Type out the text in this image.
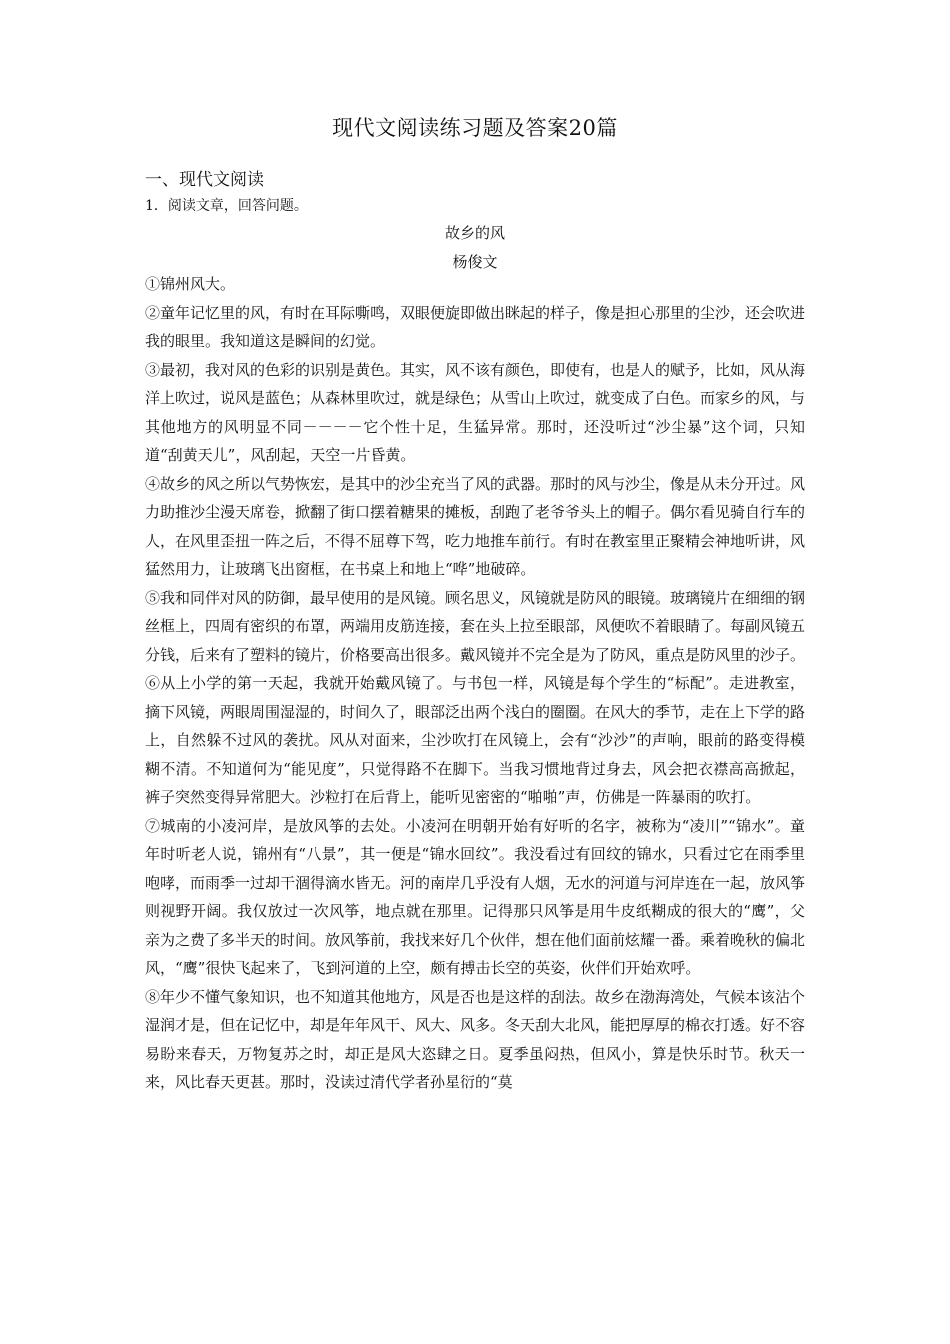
现代文阅读练习题及答案20篇
一、现代文阅读
1．阅读文章，回答问题。
故乡的风
杨俊文

①锦州风大。

②童年记忆里的风，有时在耳际嘶鸣，双眼便旋即做出眯起的样子，像是担心那里的尘沙，还会吹进我的眼里。我知道这是瞬间的幻觉。

③最初，我对风的色彩的识别是黄色。其实，风不该有颜色，即使有，也是人的赋予，比如，风从海洋上吹过，说风是蓝色；从森林里吹过，就是绿色；从雪山上吹过，就变成了白色。而家乡的风，与其他地方的风明显不同－－－－它个性十足，生猛异常。那时，还没听过“沙尘暴”这个词，只知道“刮黄天儿”，风刮起，天空一片昏黄。

④故乡的风之所以气势恢宏，是其中的沙尘充当了风的武器。那时的风与沙尘，像是从未分开过。风力助推沙尘漫天席卷，掀翻了街口摆着糖果的摊板，刮跑了老爷爷头上的帽子。偶尔看见骑自行车的人，在风里歪扭一阵之后，不得不屈尊下驾，吃力地推车前行。有时在教室里正聚精会神地听讲，风猛然用力，让玻璃飞出窗框，在书桌上和地上“哗”地破碎。

⑤我和同伴对风的防御，最早使用的是风镜。顾名思义，风镜就是防风的眼镜。玻璃镜片在细细的钢丝框上，四周有密织的布罩，两端用皮筋连接，套在头上拉至眼部，风便吹不着眼睛了。每副风镜五分钱，后来有了塑料的镜片，价格要高出很多。戴风镜并不完全是为了防风，重点是防风里的沙子。

⑥从上小学的第一天起，我就开始戴风镜了。与书包一样，风镜是每个学生的“标配”。走进教室，摘下风镜，两眼周围湿湿的，时间久了，眼部泛出两个浅白的圈圈。在风大的季节，走在上下学的路上，自然躲不过风的袭扰。风从对面来，尘沙吹打在风镜上，会有“沙沙”的声响，眼前的路变得模糊不清。不知道何为“能见度”，只觉得路不在脚下。当我习惯地背过身去，风会把衣襟高高掀起，裤子突然变得异常肥大。沙粒打在后背上，能听见密密的“啪啪”声，仿佛是一阵暴雨的吹打。

⑦城南的小凌河岸，是放风筝的去处。小凌河在明朝开始有好听的名字，被称为“凌川”“锦水”。童年时听老人说，锦州有“八景”，其一便是“锦水回纹”。我没看过有回纹的锦水，只看过它在雨季里咆哮，而雨季一过却干涸得滴水皆无。河的南岸几乎没有人烟，无水的河道与河岸连在一起，放风筝则视野开阔。我仅放过一次风筝，地点就在那里。记得那只风筝是用牛皮纸糊成的很大的“鹰”，父亲为之费了多半天的时间。放风筝前，我找来好几个伙伴，想在他们面前炫耀一番。乘着晚秋的偏北风，“鹰”很快飞起来了，飞到河道的上空，颇有搏击长空的英姿，伙伴们开始欢呼。

⑧年少不懂气象知识，也不知道其他地方，风是否也是这样的刮法。故乡在渤海湾处，气候本该沾个湿润才是，但在记忆中，却是年年风干、风大、风多。冬天刮大北风，能把厚厚的棉衣打透。好不容易盼来春天，万物复苏之时，却正是风大恣肆之日。夏季虽闷热，但风小，算是快乐时节。秋天一来，风比春天更甚。那时，没读过清代学者孙星衍的“莫
